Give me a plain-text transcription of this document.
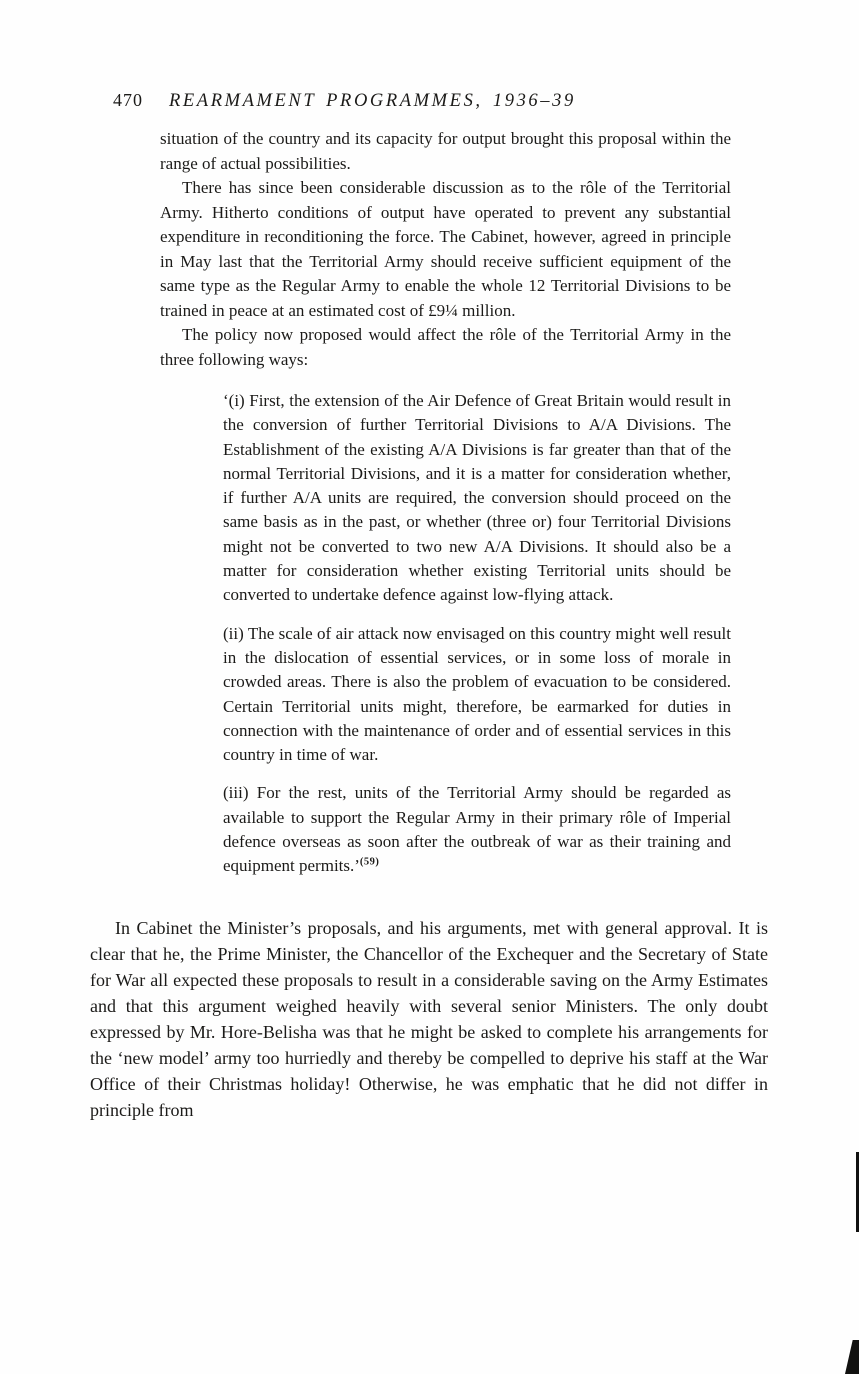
470 REARMAMENT PROGRAMMES, 1936–39

situation of the country and its capacity for output brought this proposal within the range of actual possibilities.

There has since been considerable discussion as to the rôle of the Territorial Army. Hitherto conditions of output have operated to prevent any substantial expenditure in reconditioning the force. The Cabinet, however, agreed in principle in May last that the Territorial Army should receive sufficient equipment of the same type as the Regular Army to enable the whole 12 Territorial Divisions to be trained in peace at an estimated cost of £9¼ million.

The policy now proposed would affect the rôle of the Territorial Army in the three following ways:

‘(i) First, the extension of the Air Defence of Great Britain would result in the conversion of further Territorial Divisions to A/A Divisions. The Establishment of the existing A/A Divisions is far greater than that of the normal Territorial Divisions, and it is a matter for consideration whether, if further A/A units are required, the conversion should proceed on the same basis as in the past, or whether (three or) four Territorial Divisions might not be converted to two new A/A Divisions. It should also be a matter for consideration whether existing Territorial units should be converted to undertake defence against low-flying attack.

(ii) The scale of air attack now envisaged on this country might well result in the dislocation of essential services, or in some loss of morale in crowded areas. There is also the problem of evacuation to be considered. Certain Territorial units might, therefore, be earmarked for duties in connection with the maintenance of order and of essential services in this country in time of war.

(iii) For the rest, units of the Territorial Army should be regarded as available to support the Regular Army in their primary rôle of Imperial defence overseas as soon after the outbreak of war as their training and equipment permits.’$^{(59)}$

In Cabinet the Minister’s proposals, and his arguments, met with general approval. It is clear that he, the Prime Minister, the Chancellor of the Exchequer and the Secretary of State for War all expected these proposals to result in a considerable saving on the Army Estimates and that this argument weighed heavily with several senior Ministers. The only doubt expressed by Mr. Hore-Belisha was that he might be asked to complete his arrangements for the ‘new model’ army too hurriedly and thereby be compelled to deprive his staff at the War Office of their Christmas holiday! Otherwise, he was emphatic that he did not differ in principle from
